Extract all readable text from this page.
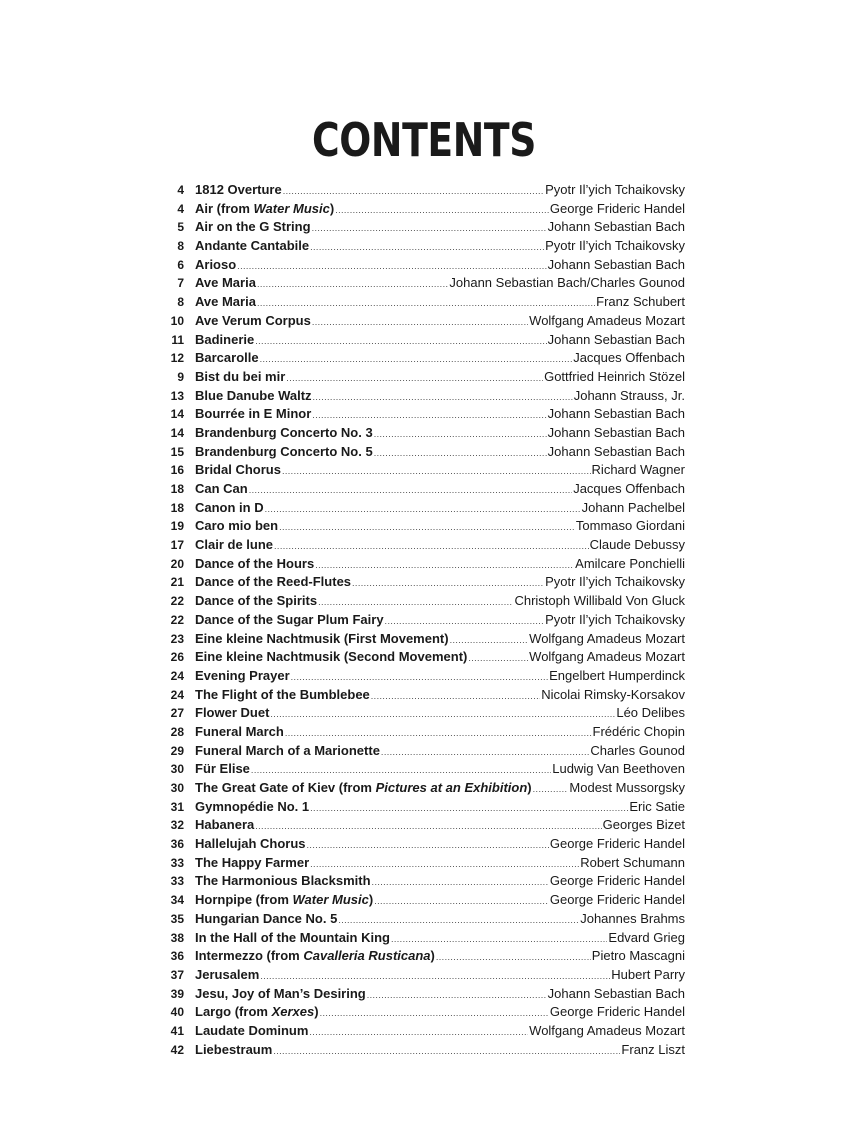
CONTENTS
4 1812 Overture .....	Pyotr Il’yich Tchaikovsky
4 Air (from Water Music) .....	George Frideric Handel
5 Air on the G String .....	Johann Sebastian Bach
8 Andante Cantabile .....	Pyotr Il’yich Tchaikovsky
6 Arioso .....	Johann Sebastian Bach
7 Ave Maria .....	Johann Sebastian Bach/Charles Gounod
8 Ave Maria .....	Franz Schubert
10 Ave Verum Corpus .....	Wolfgang Amadeus Mozart
11 Badinerie .....	Johann Sebastian Bach
12 Barcarolle .....	Jacques Offenbach
9 Bist du bei mir .....	Gottfried Heinrich Stözel
13 Blue Danube Waltz .....	Johann Strauss, Jr.
14 Bourrée in E Minor .....	Johann Sebastian Bach
14 Brandenburg Concerto No. 3 .....	Johann Sebastian Bach
15 Brandenburg Concerto No. 5 .....	Johann Sebastian Bach
16 Bridal Chorus .....	Richard Wagner
18 Can Can .....	Jacques Offenbach
18 Canon in D .....	Johann Pachelbel
19 Caro mio ben .....	Tommaso Giordani
17 Clair de lune .....	Claude Debussy
20 Dance of the Hours .....	Amilcare Ponchielli
21 Dance of the Reed-Flutes .....	Pyotr Il’yich Tchaikovsky
22 Dance of the Spirits .....	Christoph Willibald Von Gluck
22 Dance of the Sugar Plum Fairy .....	Pyotr Il’yich Tchaikovsky
23 Eine kleine Nachtmusik (First Movement) .....	Wolfgang Amadeus Mozart
26 Eine kleine Nachtmusik (Second Movement) .....	Wolfgang Amadeus Mozart
24 Evening Prayer .....	Engelbert Humperdinck
24 The Flight of the Bumblebee .....	Nicolai Rimsky-Korsakov
27 Flower Duet .....	Léo Delibes
28 Funeral March .....	Frédéric Chopin
29 Funeral March of a Marionette .....	Charles Gounod
30 Für Elise .....	Ludwig Van Beethoven
30 The Great Gate of Kiev (from Pictures at an Exhibition) .....	Modest Mussorgsky
31 Gymnopédie No. 1 .....	Eric Satie
32 Habanera .....	Georges Bizet
36 Hallelujah Chorus .....	George Frideric Handel
33 The Happy Farmer .....	Robert Schumann
33 The Harmonious Blacksmith .....	George Frideric Handel
34 Hornpipe (from Water Music) .....	George Frideric Handel
35 Hungarian Dance No. 5 .....	Johannes Brahms
38 In the Hall of the Mountain King .....	Edvard Grieg
36 Intermezzo (from Cavalleria Rusticana) .....	Pietro Mascagni
37 Jerusalem .....	Hubert Parry
39 Jesu, Joy of Man’s Desiring .....	Johann Sebastian Bach
40 Largo (from Xerxes) .....	George Frideric Handel
41 Laudate Dominum .....	Wolfgang Amadeus Mozart
42 Liebestraum .....	Franz Liszt
